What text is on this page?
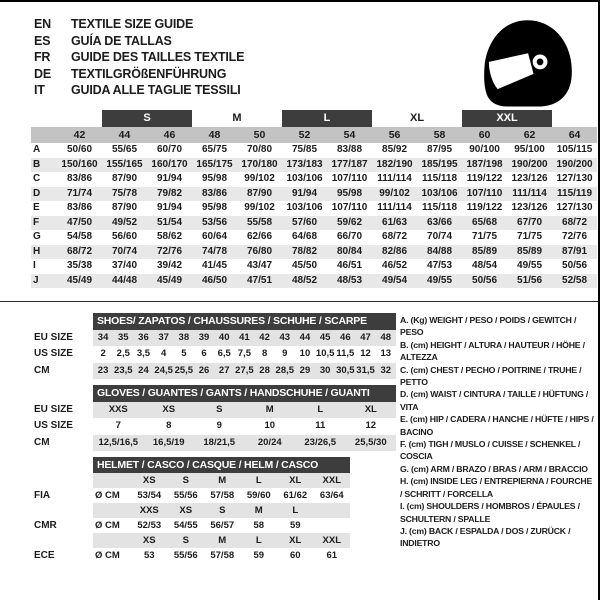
EN	TEXTILE SIZE GUIDE
ES	GUÍA DE TALLAS
FR	GUIDE DES TAILLES TEXTILE
DE	TEXTILGRÖßENFÜHRUNG
IT	GUIDA ALLE TAGLIE TESSILI
		S		M		L		XL		XXL		
	42	44	46	48	50	52	54	56	58	60	62	64
A	50/60	55/65	60/70	65/75	70/80	75/85	83/88	85/92	87/95	90/100	95/100	105/115
B	150/160	155/165	160/170	165/175	170/180	173/183	177/187	182/190	185/195	187/198	190/200	190/200
C	83/86	87/90	91/94	95/98	99/102	103/106	107/110	111/114	115/118	119/122	123/126	127/130
D	71/74	75/78	79/82	83/86	87/90	91/94	95/98	99/102	103/106	107/110	111/114	115/119
E	83/86	87/90	91/94	95/98	99/102	103/106	107/110	111/114	115/118	119/122	123/126	127/130
F	47/50	49/52	51/54	53/56	55/58	57/60	59/62	61/63	63/66	65/68	67/70	68/72
G	54/58	56/60	58/62	60/64	62/66	64/68	66/70	68/72	70/74	71/75	71/75	72/76
H	68/72	70/74	72/76	74/78	76/80	78/82	80/84	82/86	84/88	85/89	85/89	87/91
I	35/38	37/40	39/42	41/45	43/47	45/50	46/51	46/52	47/53	48/54	49/55	50/56
J	45/49	44/48	45/49	46/50	47/51	48/52	48/53	49/54	49/55	50/56	51/56	52/58
	SHOES/ ZAPATOS / CHAUSSURES / SCHUHE / SCARPE														
EU SIZE	34	35	36	37	38	39	40	41	42	43	44	45	46	47	48
US SIZE	2	2,5	3,5	4	5	6	6,5	7,5	8	9	10	10,5	11,5	12	13
CM	23	23,5	24	24,5	25,5	26	27	27,5	28	28,5	29	30	30,5	31,5	32
	GLOVES / GUANTES / GANTS / HANDSCHUHE / GUANTI					
EU SIZE	XXS	XS	S	M	L	XL
US SIZE	7	8	9	10	11	12
CM	12,5/16,5	16,5/19	18/21,5	20/24	23/26,5	25,5/30
	HELMET / CASCO / CASQUE / HELM / CASCO						
		XS	S	M	L	XL	XXL
FIA	Ø CM	53/54	55/56	57/58	59/60	61/62	63/64
		XXS	XS	S	M	L	
CMR	Ø CM	52/53	54/55	56/57	58	59	
		XS	S	M	L	XL	XXL
ECE	Ø CM	53	55/56	57/58	59	60	61
A. (Kg) WEIGHT / PESO / POIDS / GEWITCH / PESO
B. (cm) HEIGHT / ALTURA / HAUTEUR / HÖHE / ALTEZZA
C. (cm) CHEST / PECHO / POITRINE / TRUHE / PETTO
D. (cm) WAIST / CINTURA / TAILLE / HÜFTUNG / VITA
E. (cm) HIP / CADERA / HANCHE / HÜFTE / HIPS / BACINO
F. (cm) TIGH / MUSLO / CUISSE / SCHENKEL / COSCIA
G. (cm) ARM / BRAZO / BRAS / ARM / BRACCIO
H. (cm) INSIDE LEG / ENTREPIERNA / FOURCHE / SCHRITT / FORCELLA
I. (cm) SHOULDERS / HOMBROS / ÉPAULES / SCHULTERN / SPALLE
J. (cm) BACK / ESPALDA / DOS / ZURÜCK / INDIETRO
